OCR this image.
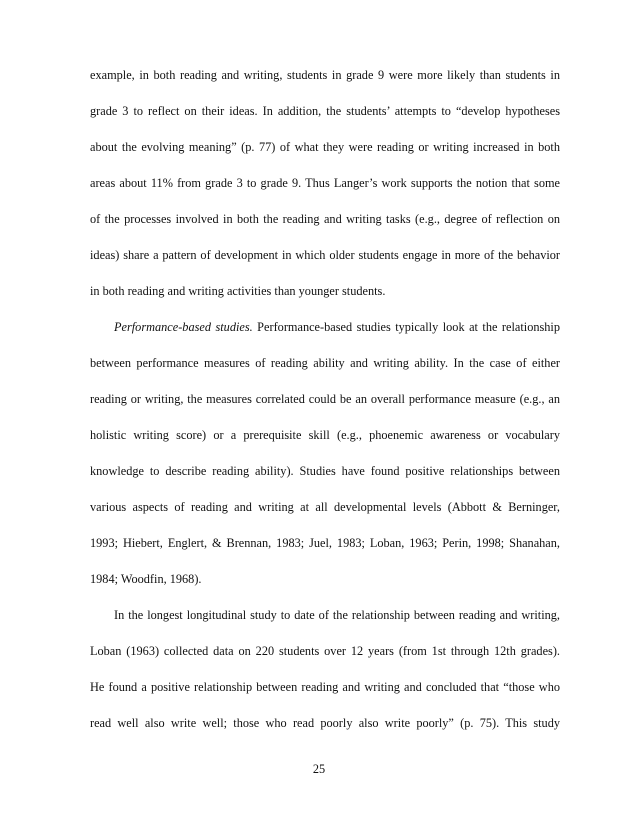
example, in both reading and writing, students in grade 9 were more likely than students in
grade 3 to reflect on their ideas. In addition, the students’ attempts to “develop hypotheses
about the evolving meaning” (p. 77) of what they were reading or writing increased in both
areas about 11% from grade 3 to grade 9. Thus Langer’s work supports the notion that some
of the processes involved in both the reading and writing tasks (e.g., degree of reflection on
ideas) share a pattern of development in which older students engage in more of the behavior
in both reading and writing activities than younger students.
Performance-based studies. Performance-based studies typically look at the relationship
between performance measures of reading ability and writing ability. In the case of either
reading or writing, the measures correlated could be an overall performance measure (e.g., an
holistic writing score) or a prerequisite skill (e.g., phoenemic awareness or vocabulary
knowledge to describe reading ability). Studies have found positive relationships between
various aspects of reading and writing at all developmental levels (Abbott & Berninger,
1993; Hiebert, Englert, & Brennan, 1983; Juel, 1983; Loban, 1963; Perin, 1998; Shanahan,
1984; Woodfin, 1968).
In the longest longitudinal study to date of the relationship between reading and writing,
Loban (1963) collected data on 220 students over 12 years (from 1st through 12th grades).
He found a positive relationship between reading and writing and concluded that “those who
read well also write well; those who read poorly also write poorly” (p. 75). This study
25
